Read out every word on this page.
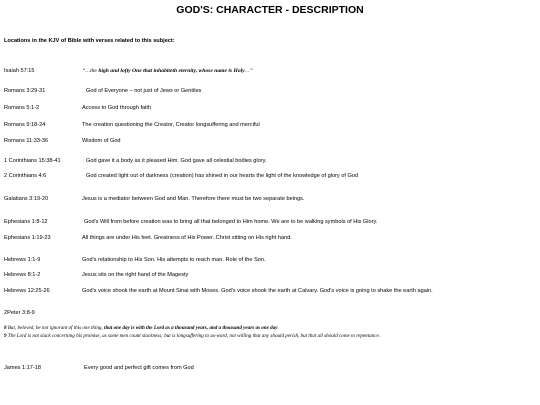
GOD'S: CHARACTER - DESCRIPTION
Locations in the KJV of Bible with verses related to this subject:
Isaiah 57:15	“…the high and lofty One that inhabiteth eternity, whose name is Holy…”
Romans 3:29-31	God of Everyone – not just of Jews or Gentiles
Romans 5:1-2	Access to God through faith
Romans 9:18-24	The creation questioning the Creator, Creator longsuffering and merciful
Romans 11:33-36	Wisdom of God
1 Corinthians 15:38-41	God gave it a body as it pleased Him. God gave all celestial bodies glory.
2 Corinthians 4:6	God created light out of darkness (creation) has shined in our hearts the light of the knowledge of glory of God
Galatians 3:19-20	Jesus is a mediator between God and Man. Therefore there must be two separate beings.
Ephesians 1:8-12	God's Will from before creation was to bring all that belonged to Him home. We are to be walking symbols of His Glory.
Ephesians 1:19-23	All things are under His feet. Greatness of His Power. Christ sitting on His right hand.
Hebrews 1:1-9	God's relationship to His Son. His attempts to reach man. Role of the Son.
Hebrews 8:1-2	Jesus sits on the right hand of the Magesty
Hebrews 12:25-26	God's voice shook the earth at Mount Sinai with Moses. God's voice shook the earth at Calvary. God's voice is going to shake the earth again.
2Peter 3:8-9
8 But, beloved, be not ignorant of this one thing, that one day is with the Lord as a thousand years, and a thousand years as one day.
9 The Lord is not slack concerning his promise, as some men count slackness; but is longsuffering to us-ward, not willing that any should perish, but that all should come to repentance.
James 1:17-18	Every good and perfect gift comes from God
